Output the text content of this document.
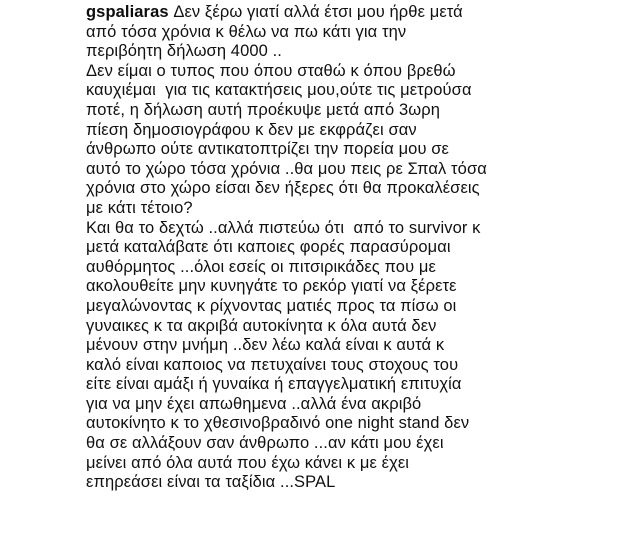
gspaliaras Δεν ξέρω γιατί αλλά έτσι μου ήρθε μετά
από τόσα χρόνια κ θέλω να πω κάτι για την
περιβόητη δήλωση 4000 ..
Δεν είμαι ο τυπος που όπου σταθώ κ όπου βρεθώ
καυχιέμαι  για τις κατακτήσεις μου,ούτε τις μετρούσα
ποτέ, η δήλωση αυτή προέκυψε μετά από 3ωρη
πίεση δημοσιογράφου κ δεν με εκφράζει σαν
άνθρωπο ούτε αντικατοπτρίζει την πορεία μου σε
αυτό το χώρο τόσα χρόνια ..θα μου πεις ρε Σπαλ τόσα
χρόνια στο χώρο είσαι δεν ήξερες ότι θα προκαλέσεις
με κάτι τέτοιο?
Και θα το δεχτώ ..αλλά πιστεύω ότι  από το survivor κ
μετά καταλάβατε ότι καποιες φορές παρασύρομαι
αυθόρμητος ...όλοι εσείς οι πιτσιρικάδες που με
ακολουθείτε μην κυνηγάτε το ρεκόρ γιατί να ξέρετε
μεγαλώνοντας κ ρίχνοντας ματιές προς τα πίσω οι
γυναικες κ τα ακριβά αυτοκίνητα κ όλα αυτά δεν
μένουν στην μνήμη ..δεν λέω καλά είναι κ αυτά κ
καλό είναι καποιος να πετυχαίνει τους στοχους του
είτε είναι αμάξι ή γυναίκα ή επαγγελματική επιτυχία
για να μην έχει απωθημενα ..αλλά ένα ακριβό
αυτοκίνητο κ το χθεσινοβραδινό one night stand δεν
θα σε αλλάξουν σαν άνθρωπο ...αν κάτι μου έχει
μείνει από όλα αυτά που έχω κάνει κ με έχει
επηρεάσει είναι τα ταξίδια ...SPAL
